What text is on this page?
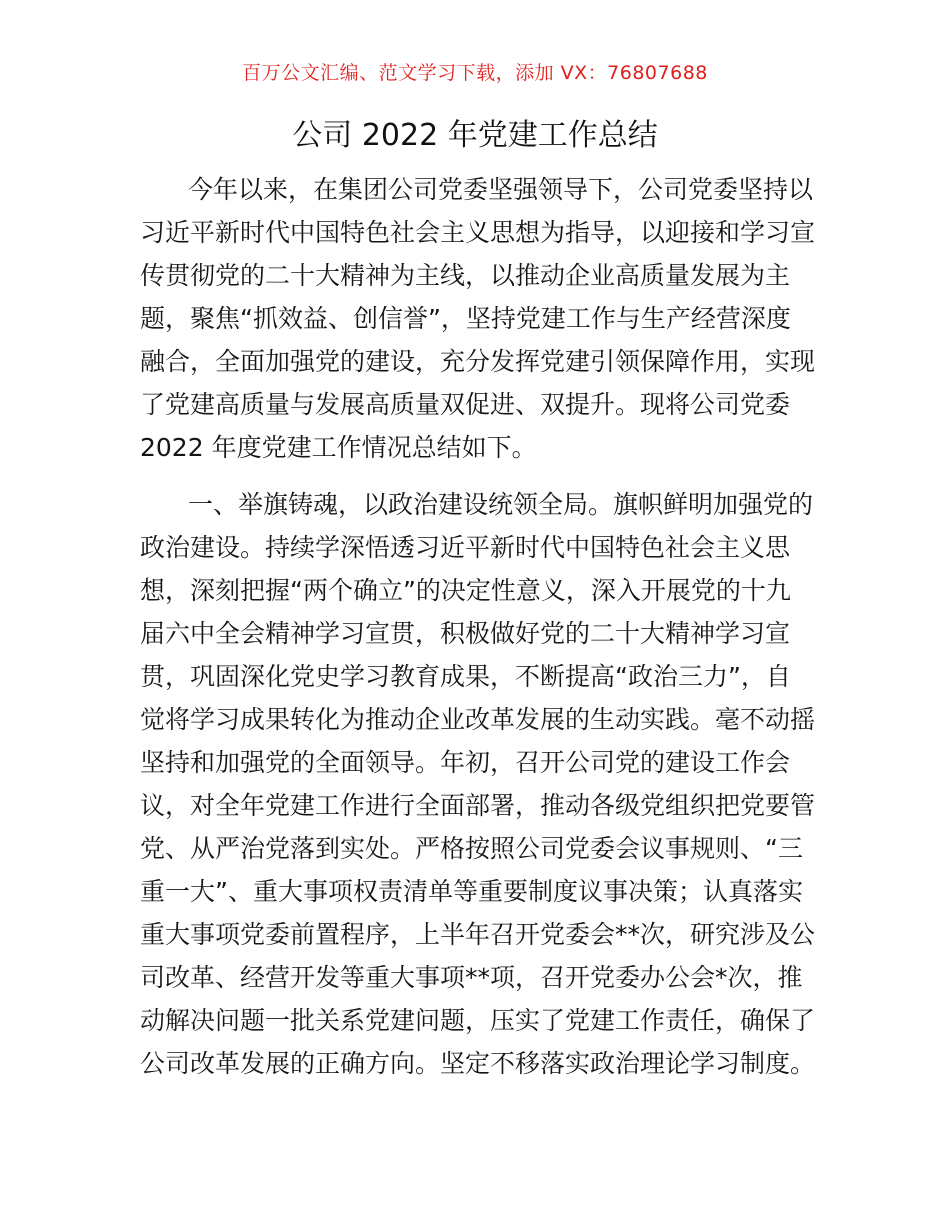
百万公文汇编、范文学习下载，添加 VX：76807688
公司 2022 年党建工作总结
今年以来，在集团公司党委坚强领导下，公司党委坚持以
习近平新时代中国特色社会主义思想为指导，以迎接和学习宣
传贯彻党的二十大精神为主线，以推动企业高质量发展为主
题，聚焦“抓效益、创信誉”，坚持党建工作与生产经营深度
融合，全面加强党的建设，充分发挥党建引领保障作用，实现
了党建高质量与发展高质量双促进、双提升。现将公司党委
2022 年度党建工作情况总结如下。
一、举旗铸魂，以政治建设统领全局。旗帜鲜明加强党的
政治建设。持续学深悟透习近平新时代中国特色社会主义思
想，深刻把握“两个确立”的决定性意义，深入开展党的十九
届六中全会精神学习宣贯，积极做好党的二十大精神学习宣
贯，巩固深化党史学习教育成果，不断提高“政治三力”，自
觉将学习成果转化为推动企业改革发展的生动实践。毫不动摇
坚持和加强党的全面领导。年初，召开公司党的建设工作会
议，对全年党建工作进行全面部署，推动各级党组织把党要管
党、从严治党落到实处。严格按照公司党委会议事规则、“三
重一大”、重大事项权责清单等重要制度议事决策；认真落实
重大事项党委前置程序，上半年召开党委会**次，研究涉及公
司改革、经营开发等重大事项**项，召开党委办公会*次，推
动解决问题一批关系党建问题，压实了党建工作责任，确保了
公司改革发展的正确方向。坚定不移落实政治理论学习制度。
